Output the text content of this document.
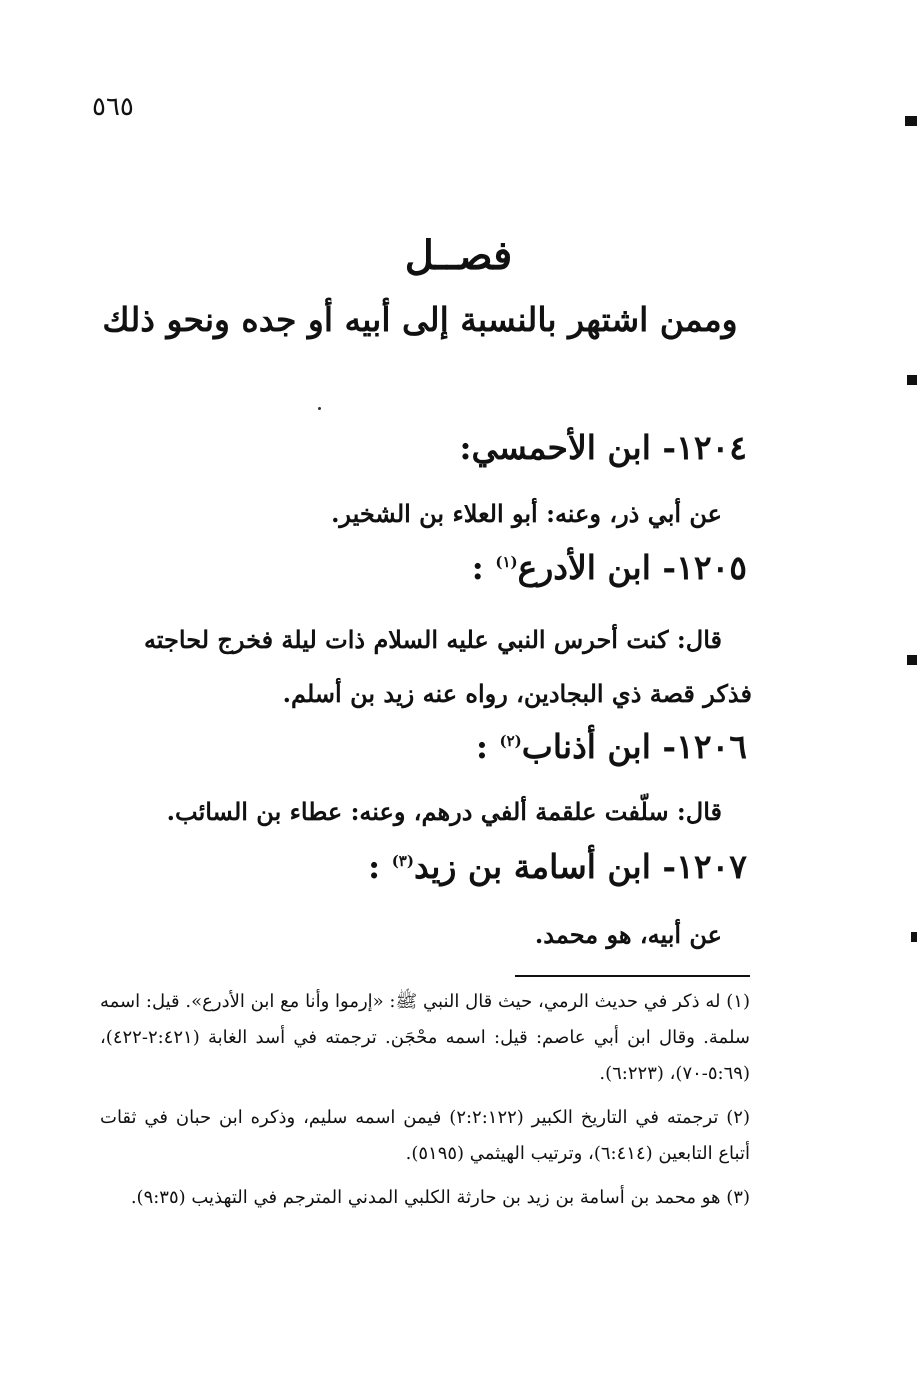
٥٦٥
فصــل
وممن اشتهر بالنسبة إلى أبيه أو جده ونحو ذلك
١٢٠٤- ابن الأحمسي:
عن أبي ذر، وعنه: أبو العلاء بن الشخير.
١٢٠٥- ابن الأدرع$^{(١)}$ :
قال: كنت أحرس النبي عليه السلام ذات ليلة فخرج لحاجته فذكر قصة ذي البجادين، رواه عنه زيد بن أسلم.
١٢٠٦- ابن أذناب$^{(٢)}$ :
قال: سلّفت علقمة ألفي درهم، وعنه: عطاء بن السائب.
١٢٠٧- ابن أسامة بن زيد$^{(٣)}$ :
عن أبيه، هو محمد.
(١) له ذكر في حديث الرمي، حيث قال النبي ﷺ: «إرموا وأنا مع ابن الأدرع». قيل: اسمه سلمة. وقال ابن أبي عاصم: قيل: اسمه محْجَن. ترجمته في أسد الغابة (٢:٤٢١-٤٢٢)، (٥:٦٩-٧٠)، (٦:٢٢٣).
(٢) ترجمته في التاريخ الكبير (٢:٢:١٢٢) فيمن اسمه سليم، وذكره ابن حبان في ثقات أتباع التابعين (٦:٤١٤)، وترتيب الهيثمي (٥١٩٥).
(٣) هو محمد بن أسامة بن زيد بن حارثة الكلبي المدني المترجم في التهذيب (٩:٣٥).
